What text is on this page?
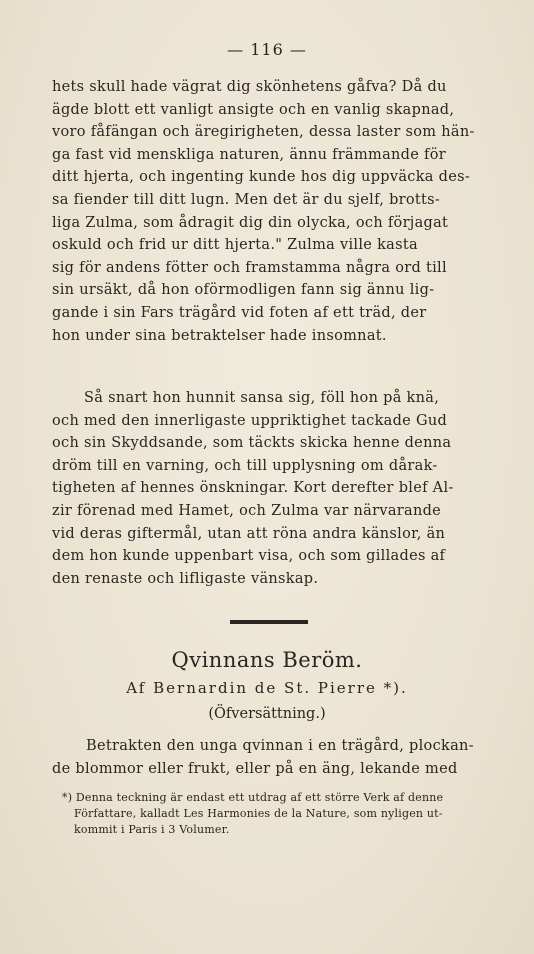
— 116 —
hets skull hade vägrat dig skönhetens gåfva? Då du
ägde blott ett vanligt ansigte och en vanlig skapnad,
voro fåfängan och äregirigheten, dessa laster som hän-
ga fast vid menskliga naturen, ännu främmande för
ditt hjerta, och ingenting kunde hos dig uppväcka des-
sa fiender till ditt lugn. Men det är du sjelf, brotts-
liga Zulma, som ådragit dig din olycka, och förjagat
oskuld och frid ur ditt hjerta." Zulma ville kasta
sig för andens fötter och framstamma några ord till
sin ursäkt, då hon oförmodligen fann sig ännu lig-
gande i sin Fars trägård vid foten af ett träd, der
hon under sina betraktelser hade insomnat.
Så snart hon hunnit sansa sig, föll hon på knä,
och med den innerligaste uppriktighet tackade Gud
och sin Skyddsande, som täckts skicka henne denna
dröm till en varning, och till upplysning om dårak-
tigheten af hennes önskningar. Kort derefter blef Al-
zir förenad med Hamet, och Zulma var närvarande
vid deras giftermål, utan att röna andra känslor, än
dem hon kunde uppenbart visa, och som gillades af
den renaste och lifligaste vänskap.
Qvinnans Beröm.
Af Bernardin de St. Pierre *).
(Öfversättning.)
Betrakten den unga qvinnan i en trägård, plockan-
de blommor eller frukt, eller på en äng, lekande med
*) Denna teckning är endast ett utdrag af ett större Verk af denne
Författare, kalladt Les Harmonies de la Nature, som nyligen ut-
kommit i Paris i 3 Volumer.
